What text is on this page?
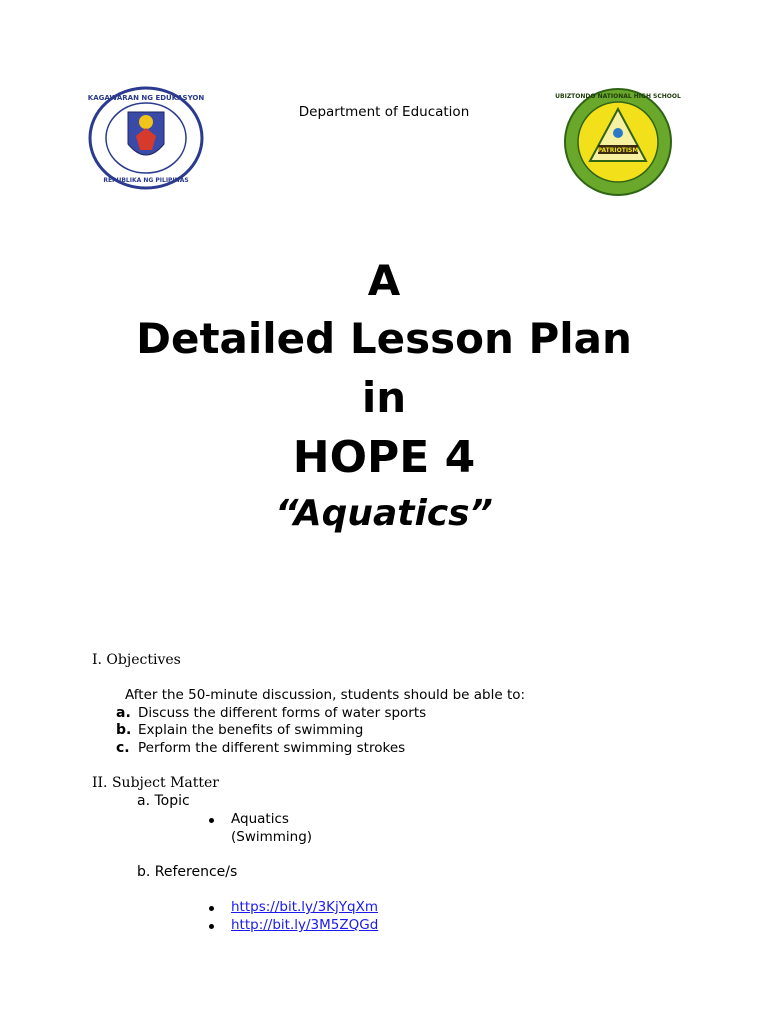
KAGAWARAN NG EDUKASYON
REPUBLIKA NG PILIPINAS
Department of Education
PATRIOTISM
UBIZTONDO NATIONAL HIGH SCHOOL
A
Detailed Lesson Plan
in
HOPE 4
“Aquatics”
I. Objectives
After the 50-minute discussion, students should be able to:
a. Discuss the different forms of water sports
b. Explain the benefits of swimming
c. Perform the different swimming strokes
II. Subject Matter
a. Topic
Aquatics
(Swimming)
b. Reference/s
https://bit.ly/3KjYqXm
http://bit.ly/3M5ZQGd
